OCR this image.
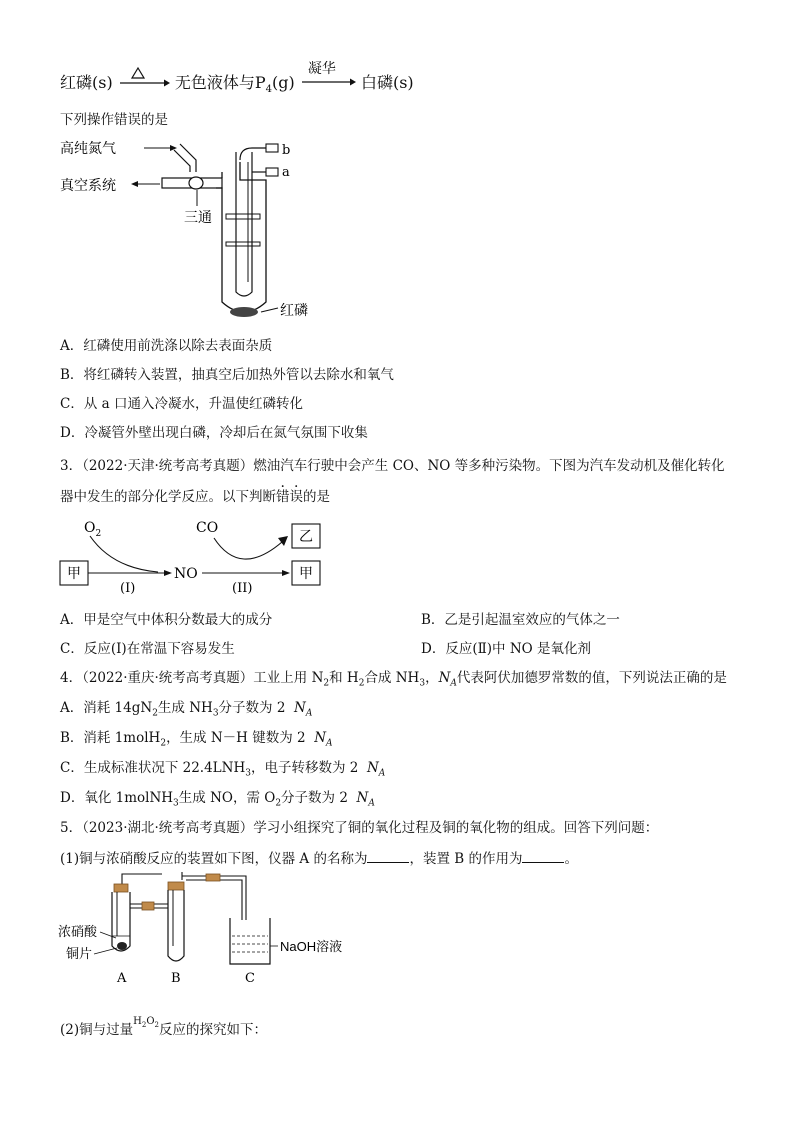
红磷(s)	无色液体与$P_4(g)$
凝华
白磷(s)
下列操作错误的是
高纯氮气
真空系统
三通
b
a
红磷
A．红磷使用前洗涤以除去表面杂质
B．将红磷转入装置，抽真空后加热外管以去除水和氧气
C．从 a 口通入冷凝水，升温使红磷转化
D．冷凝管外壁出现白磷，冷却后在氮气氛围下收集
3．（2022·天津·统考高考真题）燃油汽车行驶中会产生 CO、NO 等多种污染物。下图为汽车发动机及催化转化
器中发生的部分化学反应。以下判断错误的是
甲
$O_2$
(I)
NO
CO
(II)
乙
甲
A．甲是空气中体积分数最大的成分	B．乙是引起温室效应的气体之一
C．反应(Ⅰ)在常温下容易发生	D．反应(Ⅱ)中 NO 是氧化剂
4．（2022·重庆·统考高考真题）工业上用 $N_2$和 $H_2$合成 $NH_3$，$N_A$代表阿伏加德罗常数的值，下列说法正确的是
A．消耗 $14gN_2$生成 $NH_3$分子数为 2  $N_A$
B．消耗 1molH$_2$，生成 N－H 键数为 2  $N_A$
C．生成标准状况下 $22.4LNH_3$，电子转移数为 2  $N_A$
D．氧化 1molNH$_3$生成 NO，需 $O_2$分子数为 2  $N_A$
5．（2023·湖北·统考高考真题）学习小组探究了铜的氧化过程及铜的氧化物的组成。回答下列问题：
(1)铜与浓硝酸反应的装置如下图，仪器 A 的名称为	，装置 B 的作用为	。
浓硝酸
铜片
NaOH溶液
A	B	C
(2)铜与过量$^{H_2O_2}$反应的探究如下：
